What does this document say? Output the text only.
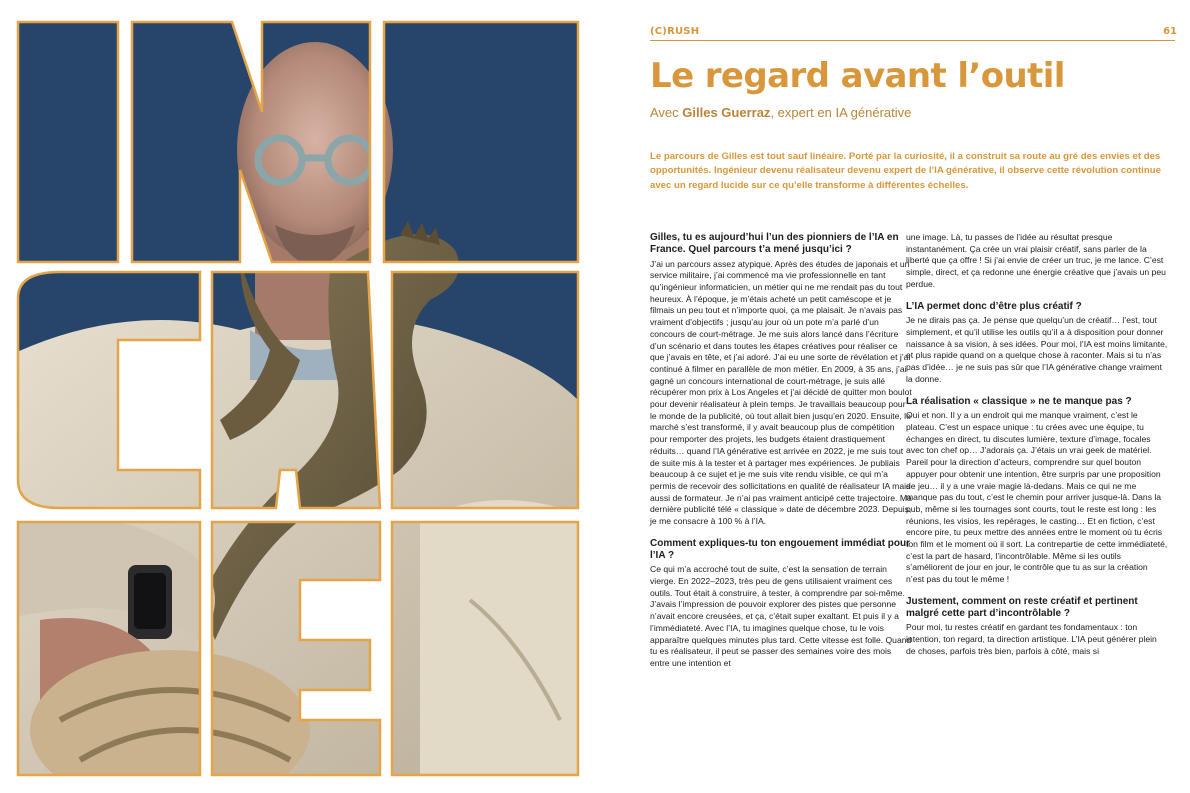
(C)RUSH	61
Le regard avant l’outil
Avec Gilles Guerraz, expert en IA générative

Le parcours de Gilles est tout sauf linéaire. Porté par la curiosité, il a construit sa route au gré des envies et des opportunités. Ingénieur devenu réalisateur devenu expert de l’IA générative, il observe cette révolution continue avec un regard lucide sur ce qu’elle transforme à différentes échelles.

Gilles, tu es aujourd’hui l’un des pionniers de l’IA en France. Quel parcours t’a mené jusqu’ici ?

J’ai un parcours assez atypique. Après des études de japonais et un service militaire, j’ai commencé ma vie professionnelle en tant qu’ingénieur informaticien, un métier qui ne me rendait pas du tout heureux. À l’époque, je m’étais acheté un petit caméscope et je filmais un peu tout et n’importe quoi, ça me plaisait. Je n’avais pas vraiment d’objectifs ; jusqu’au jour où un pote m’a parlé d’un concours de court-métrage. Je me suis alors lancé dans l’écriture d’un scénario et dans toutes les étapes créatives pour réaliser ce que j’avais en tête, et j’ai adoré. J’ai eu une sorte de révélation et j’ai continué à filmer en parallèle de mon métier. En 2009, à 35 ans, j’ai gagné un concours international de court-métrage, je suis allé récupérer mon prix à Los Angeles et j’ai décidé de quitter mon boulot pour devenir réalisateur à plein temps. Je travaillais beaucoup pour le monde de la publicité, où tout allait bien jusqu’en 2020. Ensuite, le marché s’est transformé, il y avait beaucoup plus de compétition pour remporter des projets, les budgets étaient drastiquement réduits… quand l’IA générative est arrivée en 2022, je me suis tout de suite mis à la tester et à partager mes expériences. Je publiais beaucoup à ce sujet et je me suis vite rendu visible, ce qui m’a permis de recevoir des sollicitations en qualité de réalisateur IA mais aussi de formateur. Je n’ai pas vraiment anticipé cette trajectoire. Ma dernière publicité télé « classique » date de décembre 2023. Depuis, je me consacre à 100 % à l’IA.

Comment expliques-tu ton engouement immédiat pour l’IA ?

Ce qui m’a accroché tout de suite, c’est la sensation de terrain vierge. En 2022–2023, très peu de gens utilisaient vraiment ces outils. Tout était à construire, à tester, à comprendre par soi-même. J’avais l’impression de pouvoir explorer des pistes que personne n’avait encore creusées, et ça, c’était super exaltant. Et puis il y a l’immédiateté. Avec l’IA, tu imagines quelque chose, tu le vois apparaître quelques minutes plus tard. Cette vitesse est folle. Quand tu es réalisateur, il peut se passer des semaines voire des mois entre une intention et

une image. Là, tu passes de l’idée au résultat presque instantanément. Ça crée un vrai plaisir créatif, sans parler de la liberté que ça offre ! Si j’ai envie de créer un truc, je me lance. C’est simple, direct, et ça redonne une énergie créative que j’avais un peu perdue.

L’IA permet donc d’être plus créatif ?

Je ne dirais pas ça. Je pense que quelqu’un de créatif… l’est, tout simplement, et qu’il utilise les outils qu’il a à disposition pour donner naissance à sa vision, à ses idées. Pour moi, l’IA est moins limitante, et plus rapide quand on a quelque chose à raconter. Mais si tu n’as pas d’idée… je ne suis pas sûr que l’IA générative change vraiment la donne.

La réalisation « classique » ne te manque pas ?

Oui et non. Il y a un endroit qui me manque vraiment, c’est le plateau. C’est un espace unique : tu crées avec une équipe, tu échanges en direct, tu discutes lumière, texture d’image, focales avec ton chef op… J’adorais ça. J’étais un vrai geek de matériel. Pareil pour la direction d’acteurs, comprendre sur quel bouton appuyer pour obtenir une intention, être surpris par une proposition de jeu… il y a une vraie magie là-dedans. Mais ce qui ne me manque pas du tout, c’est le chemin pour arriver jusque-là. Dans la pub, même si les tournages sont courts, tout le reste est long : les réunions, les visios, les repérages, le casting… Et en fiction, c’est encore pire, tu peux mettre des années entre le moment où tu écris ton film et le moment où il sort. La contrepartie de cette immédiateté, c’est la part de hasard, l’incontrôlable. Même si les outils s’améliorent de jour en jour, le contrôle que tu as sur la création n’est pas du tout le même !

Justement, comment on reste créatif et pertinent malgré cette part d’incontrôlable ?

Pour moi, tu restes créatif en gardant tes fondamentaux : ton intention, ton regard, ta direction artistique. L’IA peut générer plein de choses, parfois très bien, parfois à côté, mais si
